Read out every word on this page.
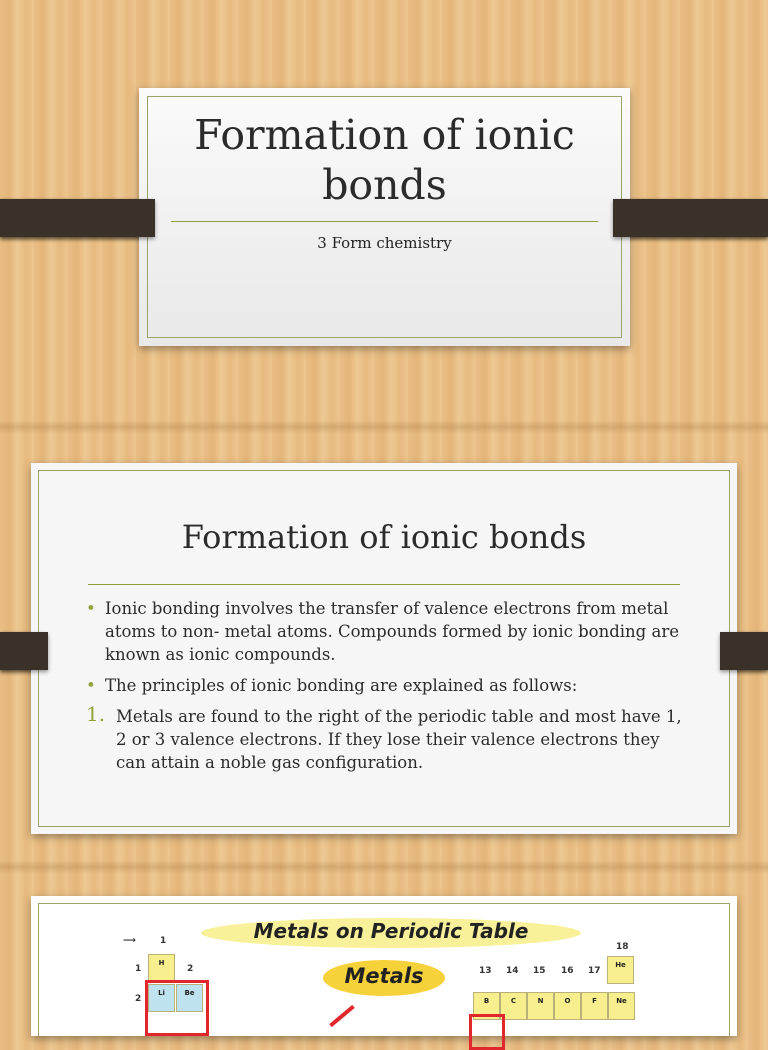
Formation of ionic bonds
3 Form chemistry
Formation of ionic bonds
• Ionic bonding involves the transfer of valence electrons from metal atoms to non- metal atoms. Compounds formed by ionic bonding are known as ionic compounds.
• The principles of ionic bonding are explained as follows:
1. Metals are found to the right of the periodic table and most have 1, 2 or 3 valence electrons. If they lose their valence electrons they can attain a noble gas configuration.
Metals on Periodic Table
Metals
⟶	1
2
1
2
H
Li	Be
18
13 14 15 16 17
He
B	C	N	O	F	Ne
